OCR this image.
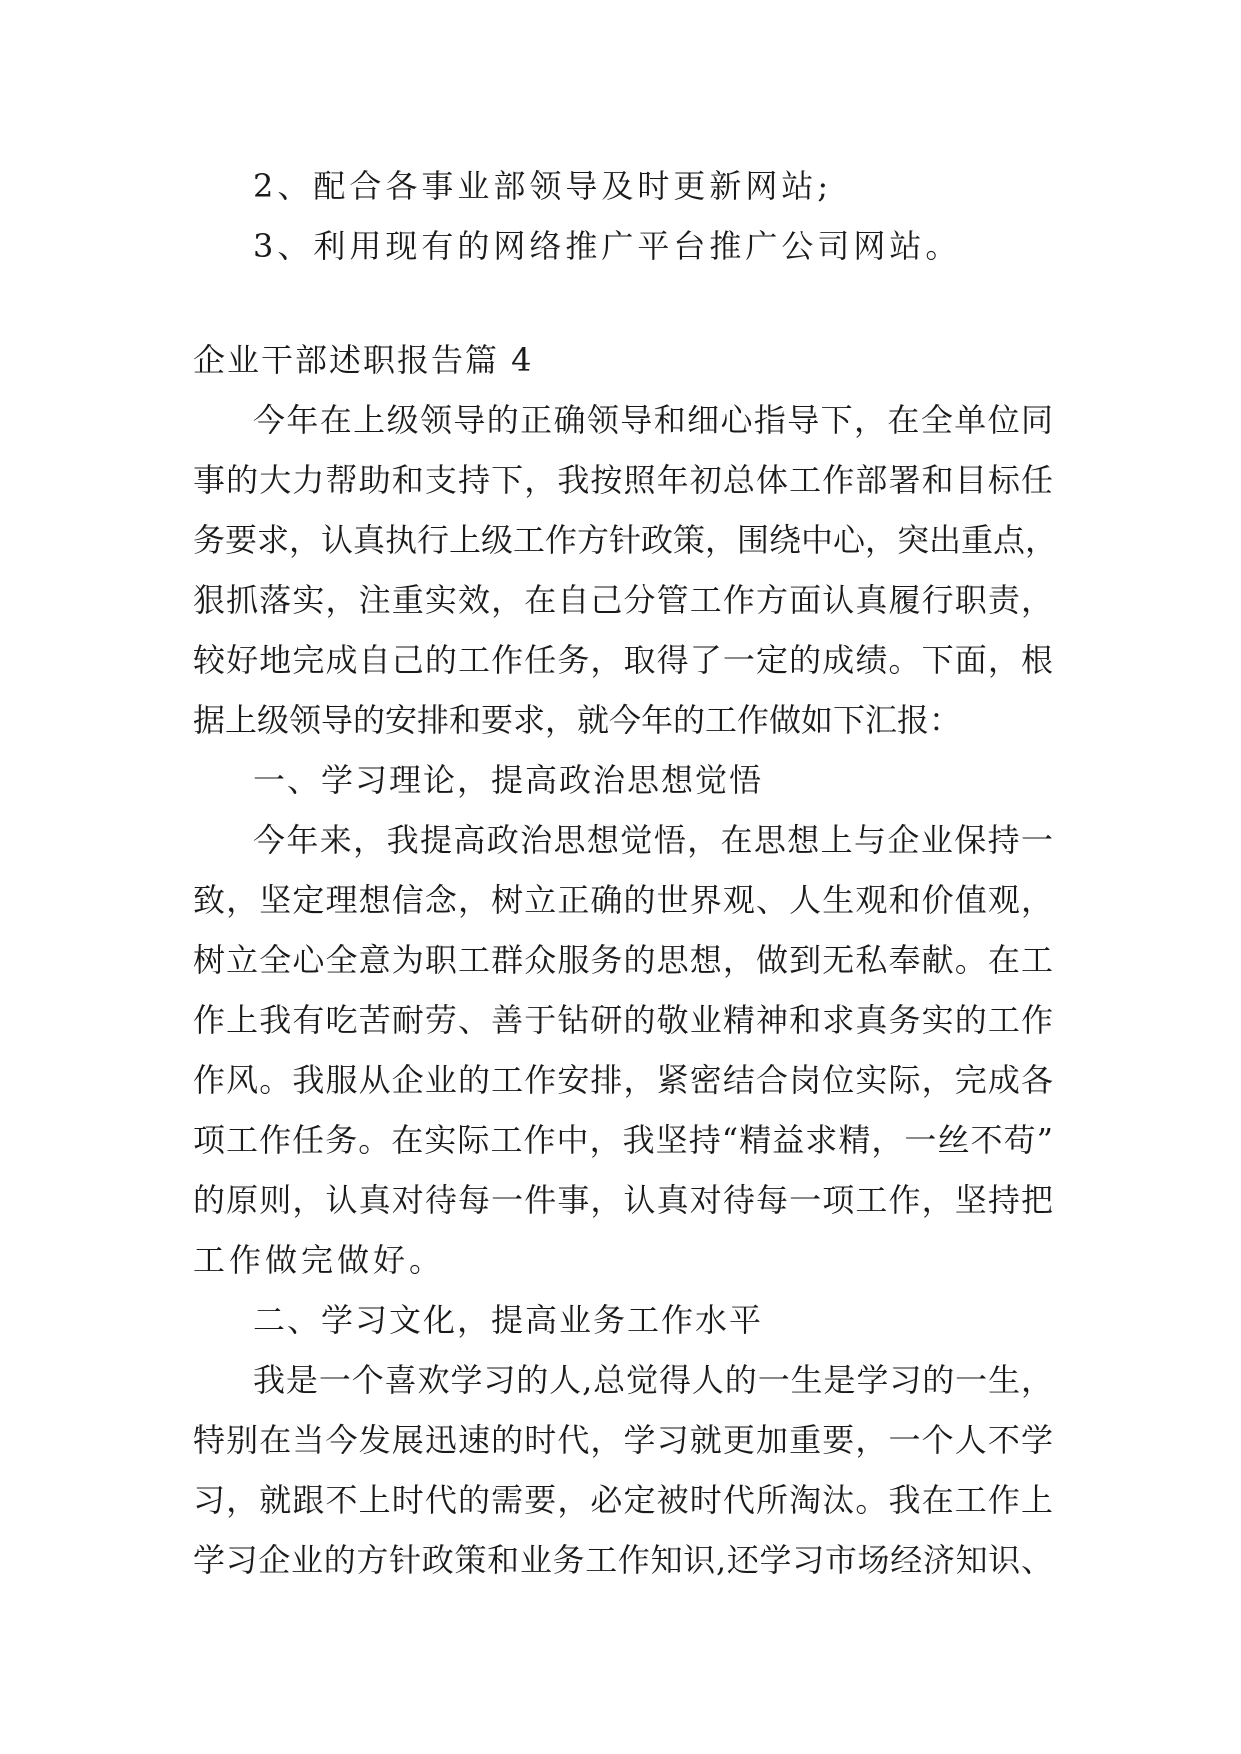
2、配合各事业部领导及时更新网站;
3、利用现有的网络推广平台推广公司网站。
企业干部述职报告篇 4
今年在上级领导的正确领导和细心指导下，在全单位同
事的大力帮助和支持下，我按照年初总体工作部署和目标任
务要求，认真执行上级工作方针政策，围绕中心，突出重点，
狠抓落实，注重实效，在自己分管工作方面认真履行职责，
较好地完成自己的工作任务，取得了一定的成绩。下面，根
据上级领导的安排和要求，就今年的工作做如下汇报：
一、学习理论，提高政治思想觉悟
今年来，我提高政治思想觉悟，在思想上与企业保持一
致，坚定理想信念，树立正确的世界观、人生观和价值观，
树立全心全意为职工群众服务的思想，做到无私奉献。在工
作上我有吃苦耐劳、善于钻研的敬业精神和求真务实的工作
作风。我服从企业的工作安排，紧密结合岗位实际，完成各
项工作任务。在实际工作中，我坚持“精益求精，一丝不苟”
的原则，认真对待每一件事，认真对待每一项工作，坚持把
工作做完做好。
二、学习文化，提高业务工作水平
我是一个喜欢学习的人,总觉得人的一生是学习的一生，
特别在当今发展迅速的时代，学习就更加重要，一个人不学
习，就跟不上时代的需要，必定被时代所淘汰。我在工作上
学习企业的方针政策和业务工作知识,还学习市场经济知识、
